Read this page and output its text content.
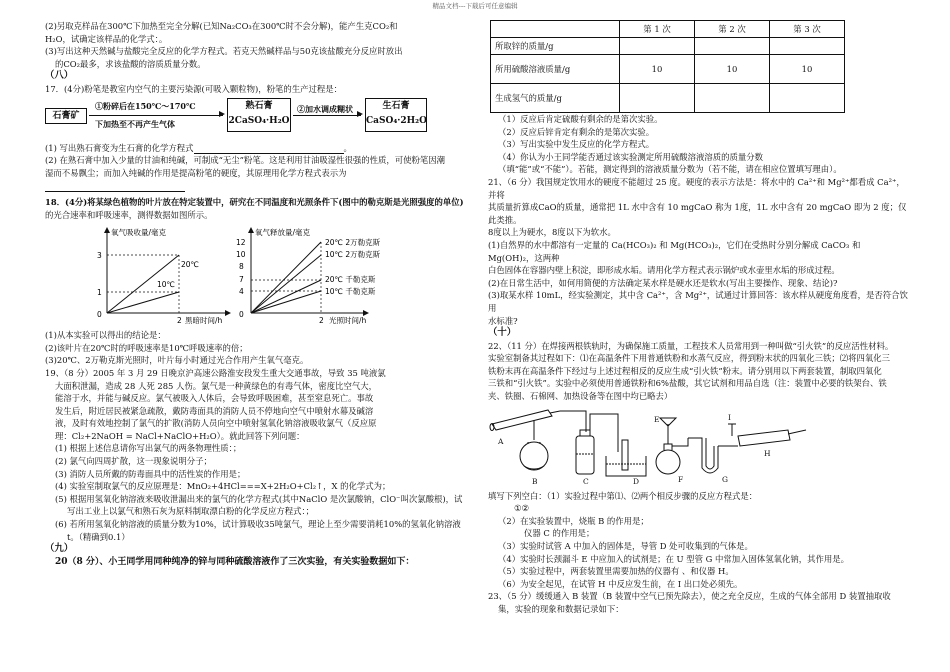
精品文档---下载后可任意编辑

(2)另取克样品在300℃下加热至完全分解(已知Na₂CO₃在300℃时不会分解)，能产生克CO₂和

H₂O，试确定该样品的化学式：。

(3)写出这种天然碱与盐酸完全反应的化学方程式。若克天然碱样品与50克该盐酸充分反应时放出

的CO₂最多，求该盐酸的溶质质量分数。

（八）

17．(4分)粉笔是教室内空气的主要污染源(可吸入颗粒物)，粉笔的生产过程是：

石膏矿
①粉碎后在150℃～170℃
下加热至不再产生气体
熟石膏
2CaSO₄·H₂O
②加水调成糊状	生石膏
CaSO₄·2H₂O

(1) 写出熟石膏变为生石膏的化学方程式	。

(2) 在熟石膏中加入少量的甘油和纯碱，可制成“无尘”粉笔。这是利用甘油吸湿性很强的性质，可使粉笔因潮

湿而不易飘尘；而加入纯碱的作用是提高粉笔的硬度，其原理用化学方程式表示为

18．(4分)将某绿色植物的叶片放在特定装置中，研究在不同温度和光照条件下(图中的勒克斯是光照强度的单位)

的光合速率和呼吸速率，测得数据如图所示。

氧气吸收量/毫克
3
1
0
2 黑暗时间/h
20℃
10℃
氧气释放量/毫克
12
10
8
7
4
0
2 光照时间/h
20℃ 2万勒克斯
10℃ 2万勒克斯
20℃ 千勒克斯
10℃ 千勒克斯

(1)从本实验可以得出的结论是：

(2)该叶片在20℃时的呼吸速率是10℃呼吸速率的倍；

(3)20℃、2万勒克斯光照时，叶片每小时通过光合作用产生氧气毫克。

19、（8 分）2005 年 3 月 29 日晚京沪高速公路淮安段发生重大交通事故，导致 35 吨液氯

大面积泄漏，造成 28 人死 285 人伤。氯气是一种黄绿色的有毒气体，密度比空气大，

能溶于水，并能与碱反应。氯气被吸入人体后，会导致呼吸困难，甚至窒息死亡。事故

发生后，附近居民被紧急疏散，戴防毒面具的消防人员不停地向空气中喷射水幕及碱溶

液，及时有效地控制了氯气的扩散(消防人员向空中喷射氢氧化钠溶液吸收氯气（反应原

理：Cl₂+2NaOH = NaCl+NaClO+H₂O）。就此回答下列问题：

(1) 根据上述信息请你写出氯气的两条物理性质：；

(2) 氯气向四周扩散，这一现象说明分子；

(3) 消防人员所戴的防毒面具中的活性炭的作用是；

(4) 实验室制取氯气的反应原理是：MnO₂+4HCl===X+2H₂O+Cl₂↑，X 的化学式为；

(5) 根据用氢氧化钠溶液来吸收泄漏出来的氯气的化学方程式(其中NaClO 是次氯酸钠，ClO⁻叫次氯酸根)，试

写出工业上以氯气和熟石灰为原料制取漂白粉的化学反应方程式：；

(6) 若所用氢氧化钠溶液的质量分数为10%，试计算吸收35吨氯气，理论上至少需要消耗10%的氢氧化钠溶液

t。（精确到0.1）

（九）

20（8 分）、小王同学用同种纯净的锌与同种硫酸溶液作了三次实验，有关实验数据如下：

	第 1 次	第 2 次	第 3 次
所取锌的质量/g			
所用硫酸溶液质量/g	10	10	10
生成氢气的质量/g			

（1）反应后肯定硫酸有剩余的是第次实验。

（2）反应后锌肯定有剩余的是第次实验。

（3）写出实验中发生反应的化学方程式。

（4）你认为小王同学能否通过该实验测定所用硫酸溶液溶质的质量分数

（填“能”或“不能”）。若能，测定得到的溶液质量分数为（若不能，请在相应位置填写理由）。

21、（6 分）我国规定饮用水的硬度不能超过 25 度。硬度的表示方法是：将水中的 Ca²⁺和 Mg²⁺都看成 Ca²⁺，并将

其质量折算成CaO的质量，通常把 1L 水中含有 10 mgCaO 称为 1度，1L 水中含有 20 mgCaO 即为 2 度；仅此类推。

8度以上为硬水，8度以下为软水。

(1)自然界的水中都溶有一定量的 Ca(HCO₃)₂ 和 Mg(HCO₃)₂，它们在受热时分别分解成 CaCO₃ 和 Mg(OH)₂，这两种

白色固体在容器内壁上积淀，即形成水垢。请用化学方程式表示锅炉或水壶里水垢的形成过程。

(2)在日常生活中，如何用简便的方法确定某水样是硬水还是软水(写出主要操作、现象、结论)?

(3)取某水样 10mL，经实验测定，其中含 Ca²⁺，含 Mg²⁺，试通过计算回答：该水样从硬度角度看，是否符合饮用

水标准?

（十）

22、（11 分）在焊接两根铁轨时，为确保施工质量，工程技术人员常用到一种叫做“引火铁”的反应活性材料。

实验室制备其过程如下：⑴在高温条件下用普通铁粉和水蒸气反应，得到粉末状的四氧化三铁；⑵将四氧化三

铁粉末再在高温条件下经过与上述过程相反的反应生成“引火铁”粉末。请分别用以下两套装置，制取四氧化

三铁和“引火铁”。实验中必须使用普通铁粉和6%盐酸，其它试剂和用品自选（注：装置中必要的铁架台、铁

夹、铁圈、石棉网、加热设备等在图中均已略去）

A
B	C	D
E
F	G
H
I

填写下列空白：（1）实验过程中第⑴、⑵两个相反步骤的反应方程式是：

①②

（2）在实验装置中，烧瓶 B 的作用是；

仪器 C 的作用是；

（3）实验时试管 A 中加入的固体是，导管 D 处可收集到的气体是。

（4）实验时长颈漏斗 E 中应加入的试剂是；在 U 型管 G 中常加入固体氢氧化钠，其作用是。

（5）实验过程中，两套装置里需要加热的仪器有 、和仪器 H。

（6）为安全起见，在试管 H 中反应发生前，在 I 出口处必须先。

23、（5 分）缓缓通入 B 装置（B 装置中空气已预先除去），使之充全反应，生成的气体全部用 D 装置抽取收

集，实验的现象和数据记录如下：
